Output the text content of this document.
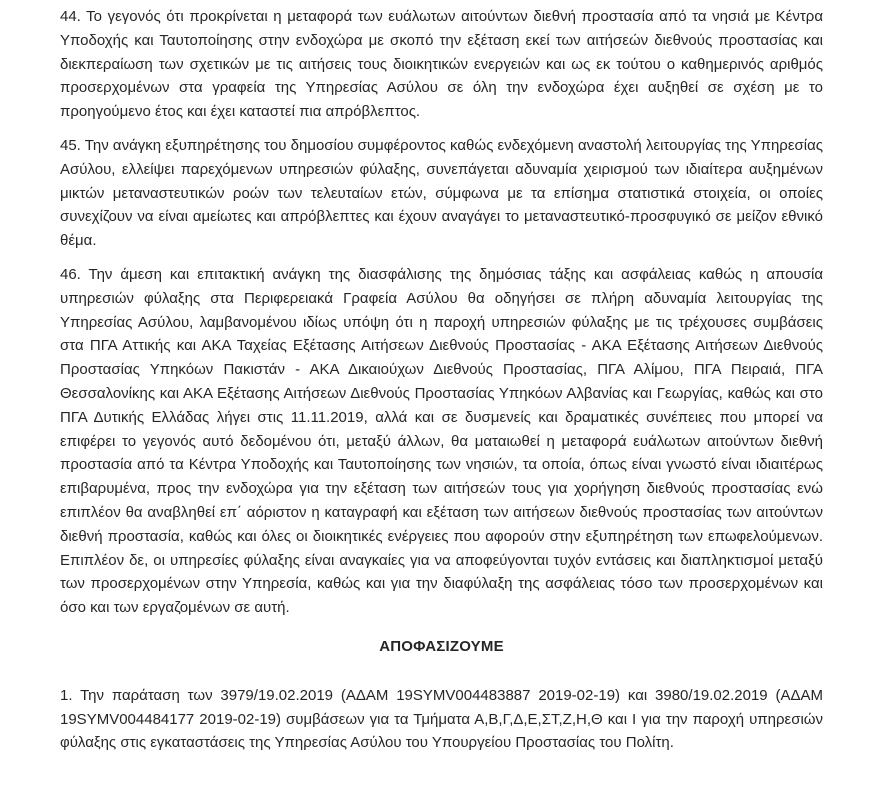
44. Το γεγονός ότι προκρίνεται η μεταφορά των ευάλωτων αιτούντων διεθνή προστασία από τα νησιά με Κέντρα Υποδοχής και Ταυτοποίησης στην ενδοχώρα με σκοπό την εξέταση εκεί των αιτήσεών διεθνούς προστασίας και διεκπεραίωση των σχετικών με τις αιτήσεις τους διοικητικών ενεργειών και ως εκ τούτου ο καθημερινός αριθμός προσερχομένων στα γραφεία της Υπηρεσίας Ασύλου σε όλη την ενδοχώρα έχει αυξηθεί σε σχέση με το προηγούμενο έτος και έχει καταστεί πια απρόβλεπτος.

45. Την ανάγκη εξυπηρέτησης του δημοσίου συμφέροντος καθώς ενδεχόμενη αναστολή λειτουργίας της Υπηρεσίας Ασύλου, ελλείψει παρεχόμενων υπηρεσιών φύλαξης, συνεπάγεται αδυναμία χειρισμού των ιδιαίτερα αυξημένων μικτών μεταναστευτικών ροών των τελευταίων ετών, σύμφωνα με τα επίσημα στατιστικά στοιχεία, οι οποίες συνεχίζουν να είναι αμείωτες και απρόβλεπτες και έχουν αναγάγει το μεταναστευτικό-προσφυγικό σε μείζον εθνικό θέμα.

46. Την άμεση και επιτακτική ανάγκη της διασφάλισης της δημόσιας τάξης και ασφάλειας καθώς η απουσία υπηρεσιών φύλαξης στα Περιφερειακά Γραφεία Ασύλου θα οδηγήσει σε πλήρη αδυναμία λειτουργίας της Υπηρεσίας Ασύλου, λαμβανομένου ιδίως υπόψη ότι η παροχή υπηρεσιών φύλαξης με τις τρέχουσες συμβάσεις στα ΠΓΑ Αττικής και ΑΚΑ Ταχείας Εξέτασης Αιτήσεων Διεθνούς Προστασίας - ΑΚΑ Εξέτασης Αιτήσεων Διεθνούς Προστασίας Υπηκόων Πακιστάν - ΑΚΑ Δικαιούχων Διεθνούς Προστασίας, ΠΓΑ Αλίμου, ΠΓΑ Πειραιά, ΠΓΑ Θεσσαλονίκης και ΑΚΑ Εξέτασης Αιτήσεων Διεθνούς Προστασίας Υπηκόων Αλβανίας και Γεωργίας, καθώς και στο ΠΓΑ Δυτικής Ελλάδας λήγει στις 11.11.2019, αλλά και σε δυσμενείς και δραματικές συνέπειες που μπορεί να επιφέρει το γεγονός αυτό δεδομένου ότι, μεταξύ άλλων, θα ματαιωθεί η μεταφορά ευάλωτων αιτούντων διεθνή προστασία από τα Κέντρα Υποδοχής και Ταυτοποίησης των νησιών, τα οποία, όπως είναι γνωστό είναι ιδιαιτέρως επιβαρυμένα, προς την ενδοχώρα για την εξέταση των αιτήσεών τους για χορήγηση διεθνούς προστασίας ενώ επιπλέον θα αναβληθεί επ΄ αόριστον η καταγραφή και εξέταση των αιτήσεων διεθνούς προστασίας των αιτούντων διεθνή προστασία, καθώς και όλες οι διοικητικές ενέργειες που αφορούν στην εξυπηρέτηση των επωφελούμενων. Επιπλέον δε, οι υπηρεσίες φύλαξης είναι αναγκαίες για να αποφεύγονται τυχόν εντάσεις και διαπληκτισμοί μεταξύ των προσερχομένων στην Υπηρεσία, καθώς και για την διαφύλαξη της ασφάλειας τόσο των προσερχομένων και όσο και των εργαζομένων σε αυτή.

ΑΠΟΦΑΣΙΖΟΥΜΕ

1. Την παράταση των 3979/19.02.2019 (ΑΔΑΜ 19SYMV004483887 2019-02-19) και 3980/19.02.2019 (ΑΔΑΜ 19SYMV004484177 2019-02-19) συμβάσεων για τα Τμήματα Α,Β,Γ,Δ,Ε,ΣΤ,Ζ,Η,Θ και Ι για την παροχή υπηρεσιών φύλαξης στις εγκαταστάσεις της Υπηρεσίας Ασύλου του Υπουργείου Προστασίας του Πολίτη.
